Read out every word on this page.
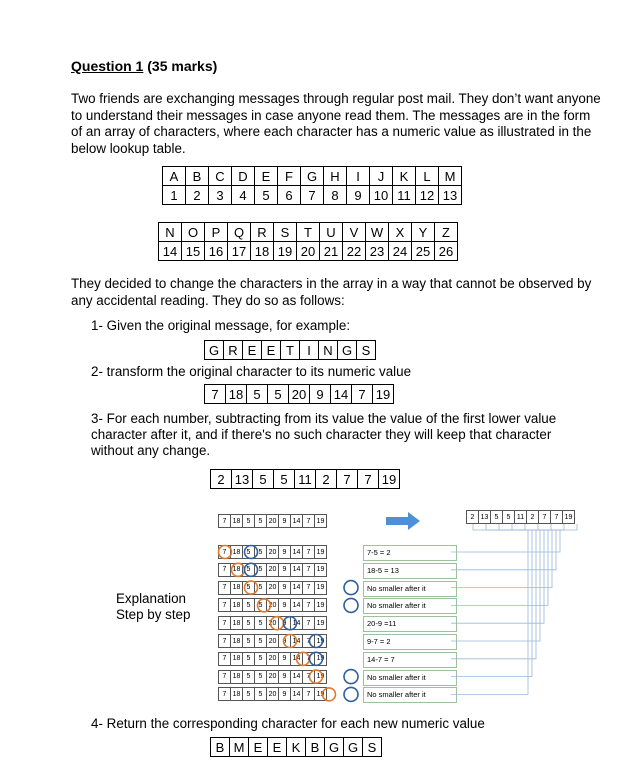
Question 1 (35 marks)
Two friends are exchanging messages through regular post mail. They don’t want anyone to understand their messages in case anyone read them. The messages are in the form of an array of characters, where each character has a numeric value as illustrated in the below lookup table.
A	B	C	D	E	F	G	H	I	J	K	L	M
1	2	3	4	5	6	7	8	9	10	11	12	13
N	O	P	Q	R	S	T	U	V	W	X	Y	Z
14	15	16	17	18	19	20	21	22	23	24	25	26
They decided to change the characters in the array in a way that cannot be observed by any accidental reading. They do so as follows:
1- Given the original message, for example:
G	R	E	E	T	I	N	G	S
2- transform the original character to its numeric value
7	18	5	5	20	9	14	7	19
3- For each number, subtracting from its value the value of the first lower value character after it, and if there's no such character they will keep that character without any change.
2	13	5	5	11	2	7	7	19
7	18	5	5	20	9	14	7	19
2	13	5	5	11	2	7	7	19
Explanation
Step by step
7	18	5	5	20	9	14	7	19	7-5 = 2
7	18	5	5	20	9	14	7	19	18-5 = 13
7	18	5	5	20	9	14	7	19	No smaller after it
7	18	5	5	20	9	14	7	19	No smaller after it
7	18	5	5	20	9	14	7	19	20-9 =11
7	18	5	5	20	9	14	7	19	9-7 = 2
7	18	5	5	20	9	14	7	19	14-7 = 7
7	18	5	5	20	9	14	7	19	No smaller after it
7	18	5	5	20	9	14	7	19	No smaller after it
4- Return the corresponding character for each new numeric value
B	M	E	E	K	B	G	G	S
